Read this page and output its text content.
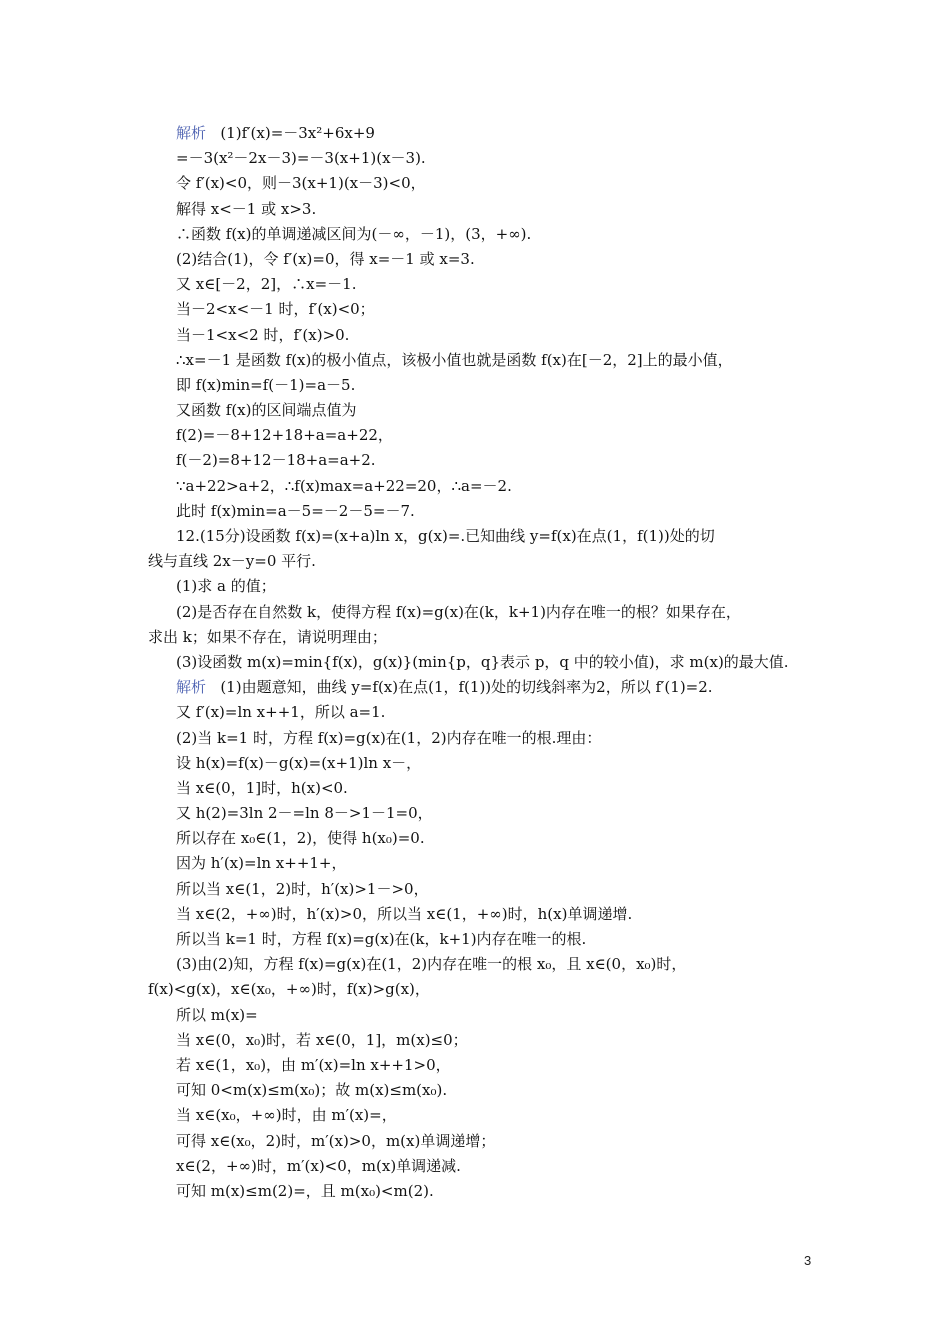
解析 (1)f′(x)=－3x²+6x+9
=－3(x²－2x－3)=－3(x+1)(x－3).
令 f′(x)<0，则－3(x+1)(x－3)<0，
解得 x<－1 或 x>3.
∴函数 f(x)的单调递减区间为(－∞，－1)，(3，+∞).
(2)结合(1)，令 f′(x)=0，得 x=－1 或 x=3.
又 x∈[－2，2]，∴x=－1.
当－2<x<－1 时，f′(x)<0；
当－1<x<2 时，f′(x)>0.
∴x=－1 是函数 f(x)的极小值点，该极小值也就是函数 f(x)在[－2，2]上的最小值，
即 f(x)min=f(－1)=a－5.
又函数 f(x)的区间端点值为
f(2)=－8+12+18+a=a+22，
f(－2)=8+12－18+a=a+2.
∵a+22>a+2，∴f(x)max=a+22=20，∴a=－2.
此时 f(x)min=a－5=－2－5=－7.
12.(15分)设函数 f(x)=(x+a)ln x，g(x)=.已知曲线 y=f(x)在点(1，f(1))处的切
线与直线 2x－y=0 平行.
(1)求 a 的值；
(2)是否存在自然数 k，使得方程 f(x)=g(x)在(k，k+1)内存在唯一的根？如果存在，
求出 k；如果不存在，请说明理由；
(3)设函数 m(x)=min{f(x)，g(x)}(min{p，q}表示 p，q 中的较小值)，求 m(x)的最大值.
解析 (1)由题意知，曲线 y=f(x)在点(1，f(1))处的切线斜率为2，所以 f′(1)=2.
又 f′(x)=ln x++1，所以 a=1.
(2)当 k=1 时，方程 f(x)=g(x)在(1，2)内存在唯一的根.理由：
设 h(x)=f(x)－g(x)=(x+1)ln x－，
当 x∈(0，1]时，h(x)<0.
又 h(2)=3ln 2－=ln 8－>1－1=0，
所以存在 x₀∈(1，2)，使得 h(x₀)=0.
因为 h′(x)=ln x++1+，
所以当 x∈(1，2)时，h′(x)>1－>0，
当 x∈(2，+∞)时，h′(x)>0，所以当 x∈(1，+∞)时，h(x)单调递增.
所以当 k=1 时，方程 f(x)=g(x)在(k，k+1)内存在唯一的根.
(3)由(2)知，方程 f(x)=g(x)在(1，2)内存在唯一的根 x₀，且 x∈(0，x₀)时，
f(x)<g(x)，x∈(x₀，+∞)时，f(x)>g(x)，
所以 m(x)=
当 x∈(0，x₀)时，若 x∈(0，1]，m(x)≤0；
若 x∈(1，x₀)，由 m′(x)=ln x++1>0，
可知 0<m(x)≤m(x₀)；故 m(x)≤m(x₀).
当 x∈(x₀，+∞)时，由 m′(x)=，
可得 x∈(x₀，2)时，m′(x)>0，m(x)单调递增；
x∈(2，+∞)时，m′(x)<0，m(x)单调递减.
可知 m(x)≤m(2)=，且 m(x₀)<m(2).
3
